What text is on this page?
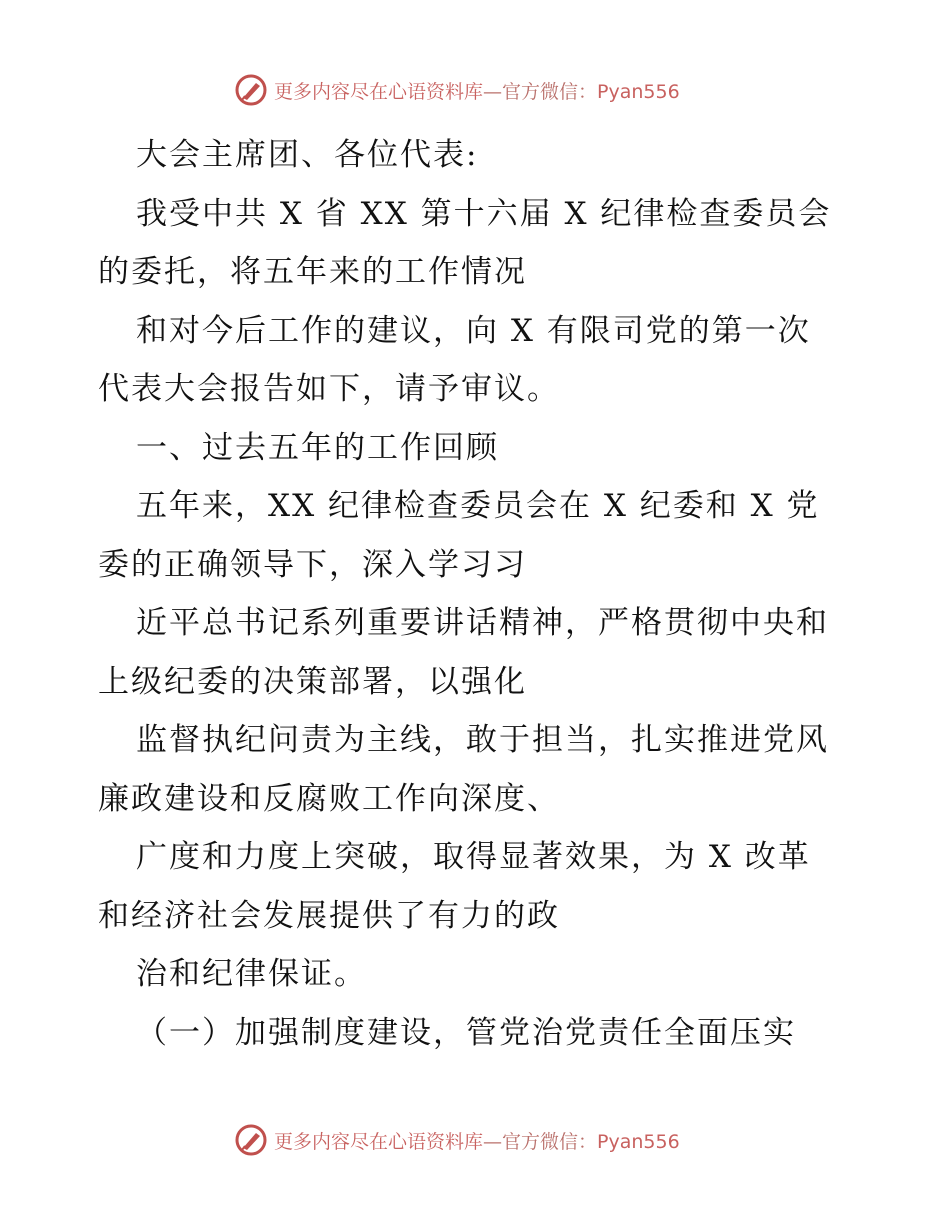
更多内容尽在心语资料库—官方微信：Pyan556
大会主席团、各位代表:
我受中共 X 省 XX 第十六届 X 纪律检查委员会
的委托，将五年来的工作情况
和对今后工作的建议，向 X 有限司党的第一次
代表大会报告如下，请予审议。
一、过去五年的工作回顾
五年来，XX 纪律检查委员会在 X 纪委和 X 党
委的正确领导下，深入学习习
近平总书记系列重要讲话精神，严格贯彻中央和
上级纪委的决策部署，以强化
监督执纪问责为主线，敢于担当，扎实推进党风
廉政建设和反腐败工作向深度、
广度和力度上突破，取得显著效果，为 X 改革
和经济社会发展提供了有力的政
治和纪律保证。
（一）加强制度建设，管党治党责任全面压实
更多内容尽在心语资料库—官方微信：Pyan556
